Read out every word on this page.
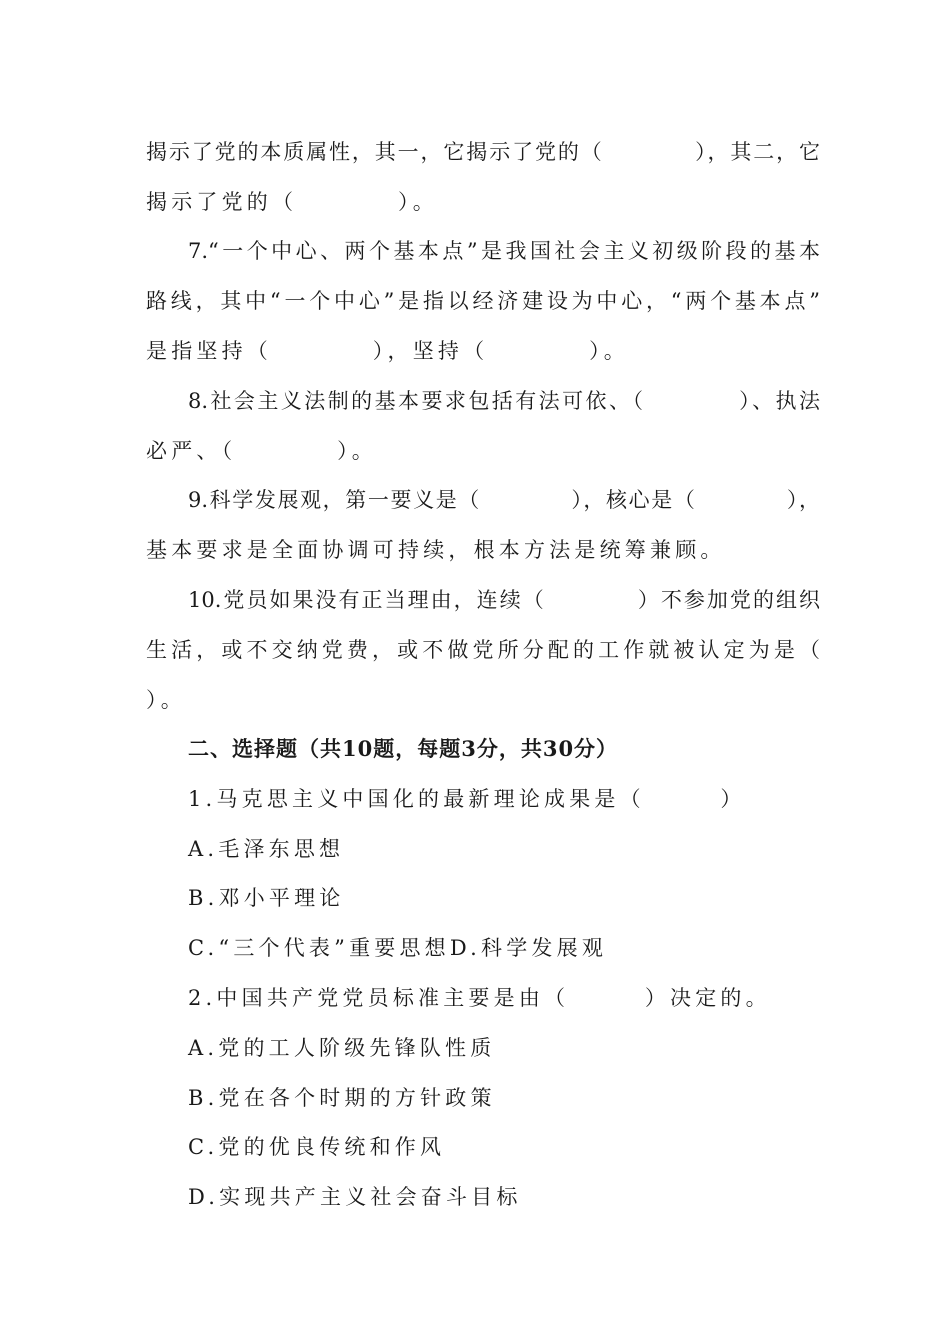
揭示了党的本质属性，其一，它揭示了党的（　　　　），其二，它
揭示了党的（　　　　）。
7.“一个中心、两个基本点”是我国社会主义初级阶段的基本
路线，其中“一个中心”是指以经济建设为中心，“两个基本点”
是指坚持（　　　　），坚持（　　　　）。
8.社会主义法制的基本要求包括有法可依、（　　　　）、执法
必严、（　　　　）。
9.科学发展观，第一要义是（　　　　），核心是（　　　　），
基本要求是全面协调可持续，根本方法是统筹兼顾。
10.党员如果没有正当理由，连续（　　　　）不参加党的组织
生活，或不交纳党费，或不做党所分配的工作就被认定为是（
）。
二、选择题（共10题，每题3分，共30分）
1.马克思主义中国化的最新理论成果是（　　　）
A.毛泽东思想
B.邓小平理论
C.“三个代表”重要思想D.科学发展观
2.中国共产党党员标准主要是由（　　　）决定的。
A.党的工人阶级先锋队性质
B.党在各个时期的方针政策
C.党的优良传统和作风
D.实现共产主义社会奋斗目标
